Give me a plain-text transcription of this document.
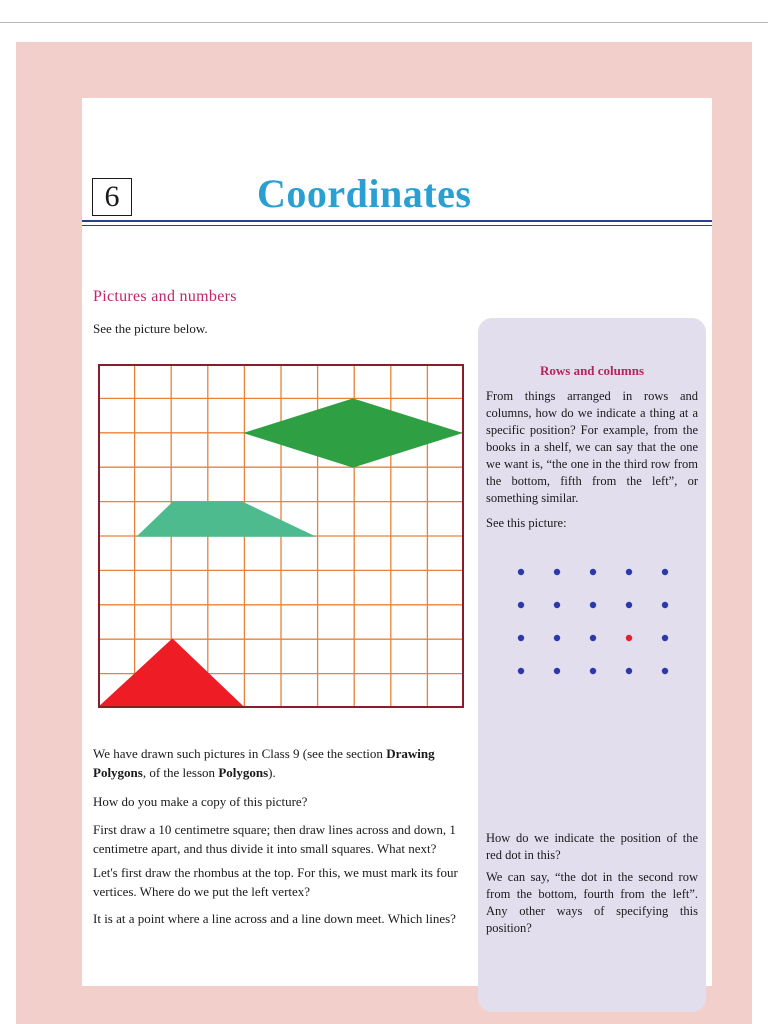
6	Coordinates
Pictures and numbers
See the picture below.

We have drawn such pictures in Class 9 (see the section Drawing Polygons, of the lesson Polygons).

How do you make a copy of this picture?

First draw a 10 centimetre square; then draw lines across and down, 1 centimetre apart, and thus divide it into small squares. What next?

Let's first draw the rhombus at the top. For this, we must mark its four vertices. Where do we put the left vertex?

It is at a point where a line across and a line down meet. Which lines?

Rows and columns

From things arranged in rows and columns, how do we indicate a thing at a specific position? For example, from the books in a shelf, we can say that the one we want is, “the one in the third row from the bottom, fifth from the left”, or something similar.

See this picture:

How do we indicate the position of the red dot in this?

We can say, “the dot in the second row from the bottom, fourth from the left”. Any other ways of specifying this position?
